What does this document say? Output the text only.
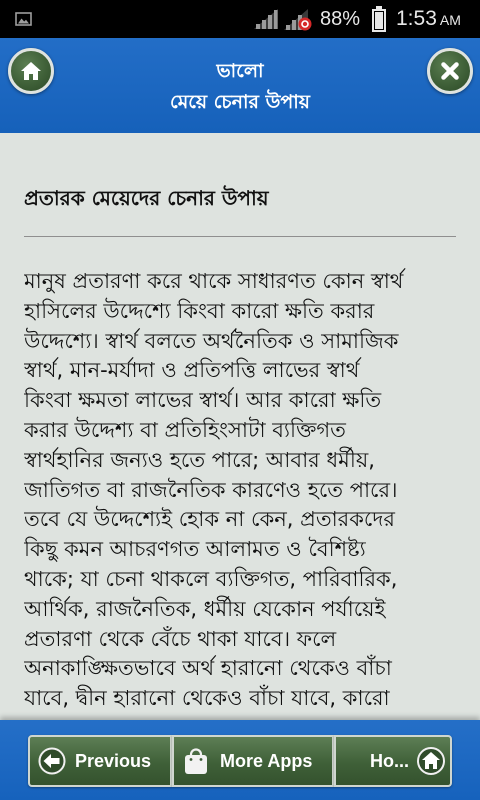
88% 1:53 AM
ভালো
মেয়ে চেনার উপায়
প্রতারক মেয়েদের চেনার উপায়
মানুষ প্রতারণা করে থাকে সাধারণত কোন স্বার্থ
হাসিলের উদ্দেশ্যে কিংবা কারো ক্ষতি করার
উদ্দেশ্যে। স্বার্থ বলতে অর্থনৈতিক ও সামাজিক
স্বার্থ, মান-মর্যাদা ও প্রতিপত্তি লাভের স্বার্থ
কিংবা ক্ষমতা লাভের স্বার্থ। আর কারো ক্ষতি
করার উদ্দেশ্য বা প্রতিহিংসাটা ব্যক্তিগত
স্বার্থহানির জন্যও হতে পারে; আবার ধর্মীয়,
জাতিগত বা রাজনৈতিক কারণেও হতে পারে।
তবে যে উদ্দেশ্যেই হোক না কেন, প্রতারকদের
কিছু কমন আচরণগত আলামত ও বৈশিষ্ট্য
থাকে; যা চেনা থাকলে ব্যক্তিগত, পারিবারিক,
আর্থিক, রাজনৈতিক, ধর্মীয় যেকোন পর্যায়েই
প্রতারণা থেকে বেঁচে থাকা যাবে। ফলে
অনাকাঙ্ক্ষিতভাবে অর্থ হারানো থেকেও বাঁচা
যাবে, দ্বীন হারানো থেকেও বাঁচা যাবে, কারো
Previous	More Apps	Ho...
